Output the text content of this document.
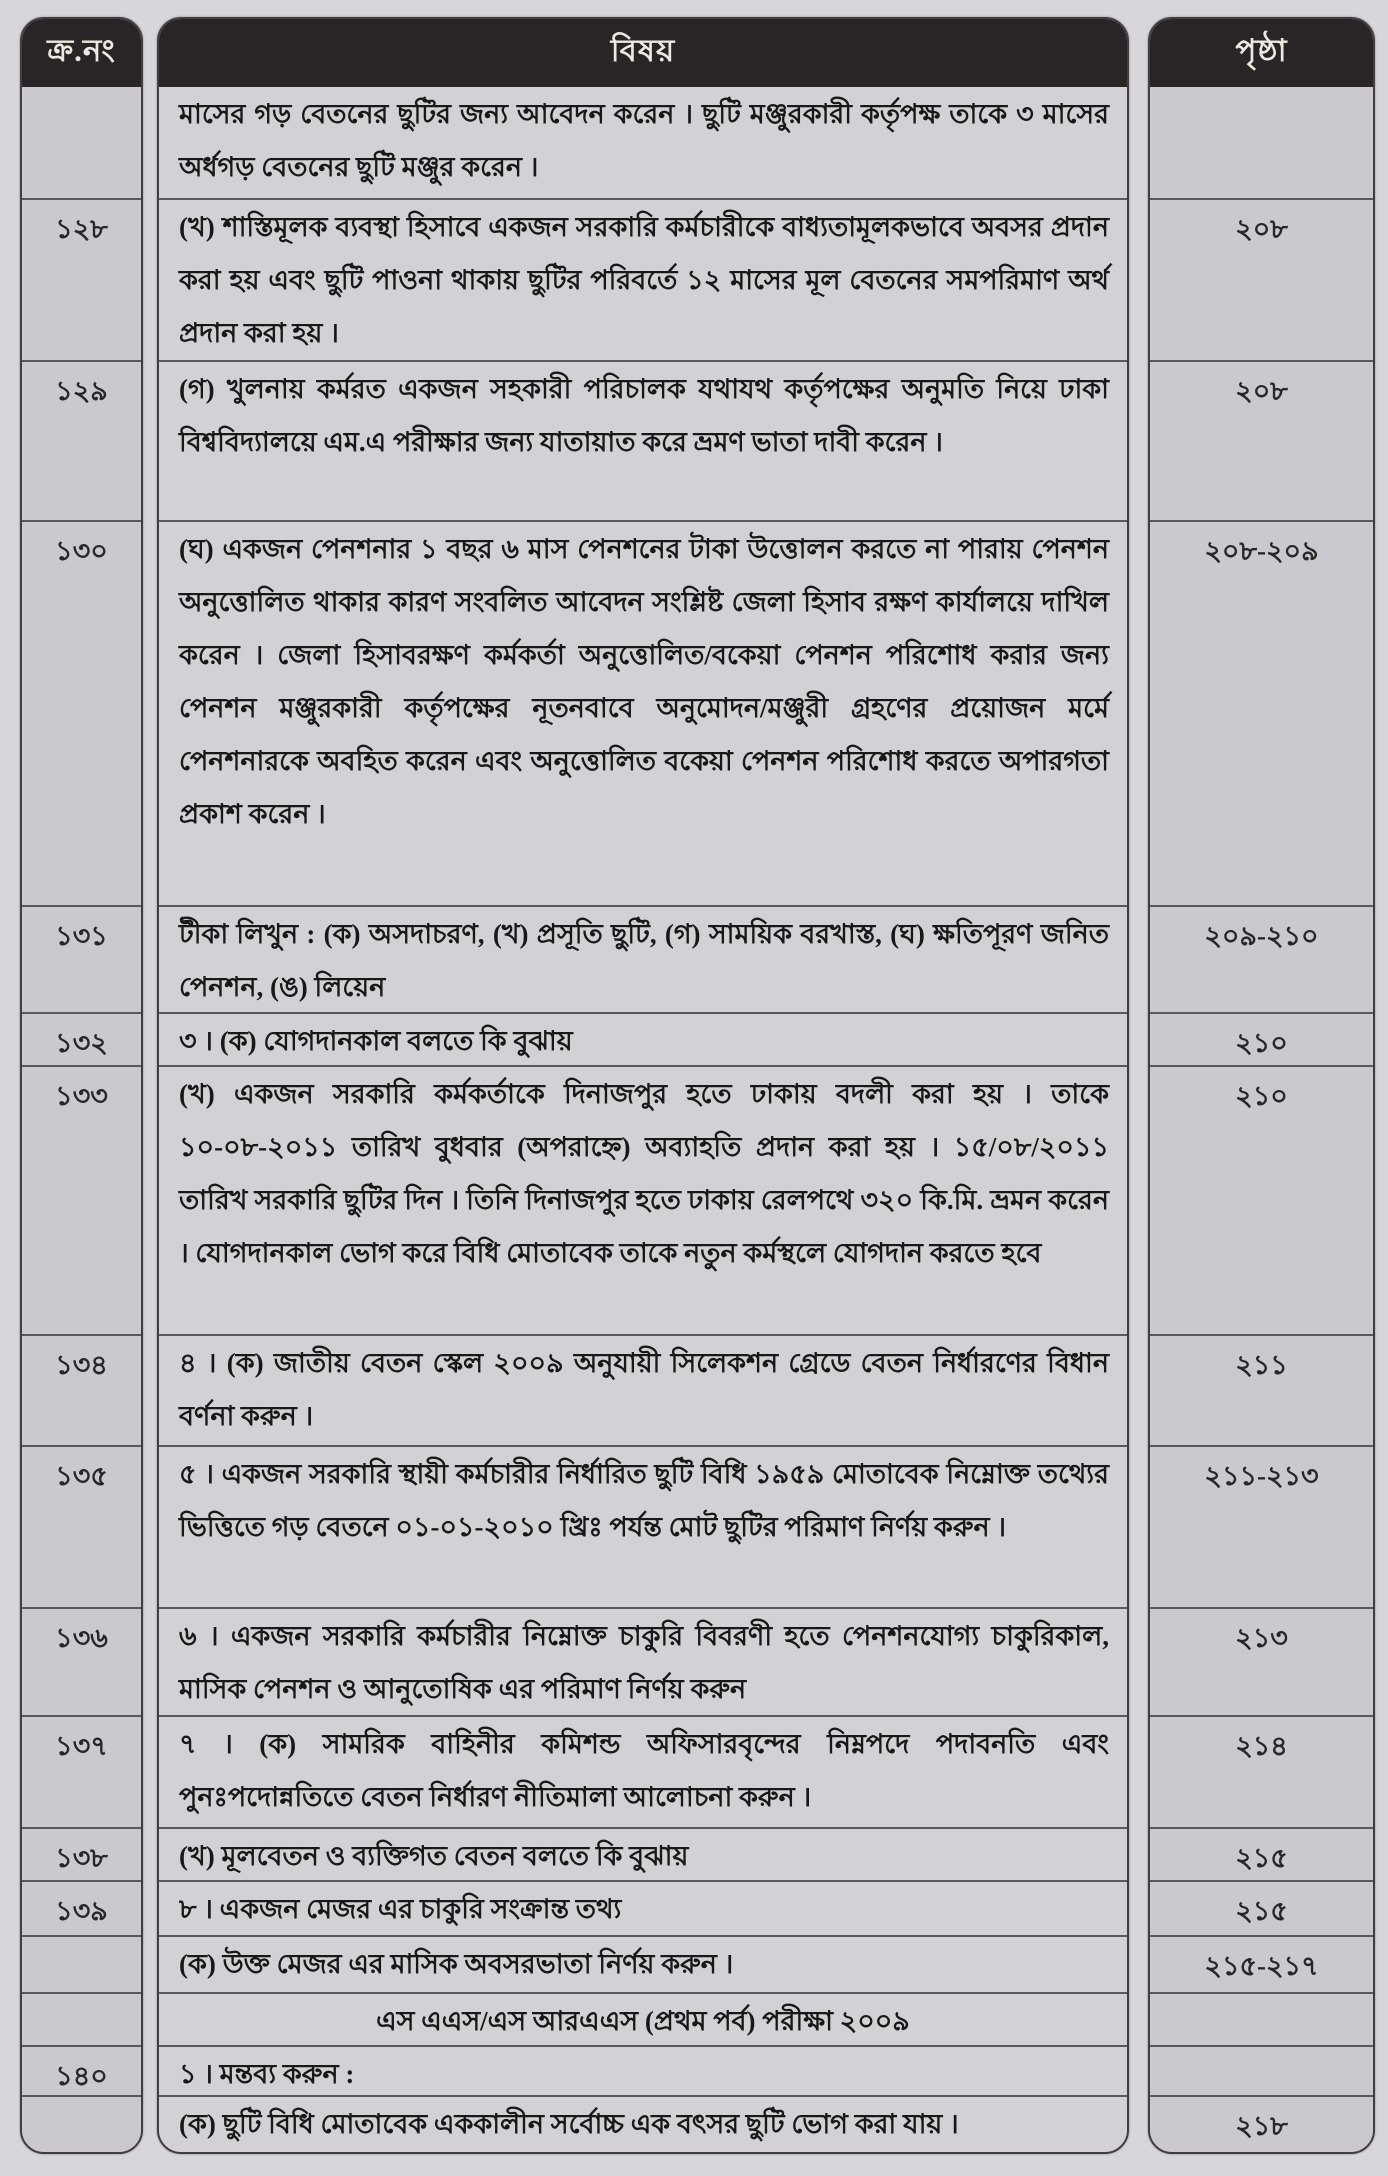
ক্র.নং
১২৮
১২৯
১৩০
১৩১
১৩২
১৩৩
১৩৪
১৩৫
১৩৬
১৩৭
১৩৮
১৩৯
১৪০
বিষয়
মাসের গড় বেতনের ছুটির জন্য আবেদন করেন । ছুটি মঞ্জুরকারী কর্তৃপক্ষ তাকে ৩ মাসের অর্ধগড় বেতনের ছুটি মঞ্জুর করেন ।
(খ) শাস্তিমূলক ব্যবস্থা হিসাবে একজন সরকারি কর্মচারীকে বাধ্যতামূলকভাবে অবসর প্রদান করা হয় এবং ছুটি পাওনা থাকায় ছুটির পরিবর্তে ১২ মাসের মূল বেতনের সমপরিমাণ অর্থ প্রদান করা হয় ।
(গ) খুলনায় কর্মরত একজন সহকারী পরিচালক যথাযথ কর্তৃপক্ষের অনুমতি নিয়ে ঢাকা বিশ্ববিদ্যালয়ে এম.এ পরীক্ষার জন্য যাতায়াত করে ভ্রমণ ভাতা দাবী করেন ।
(ঘ) একজন পেনশনার ১ বছর ৬ মাস পেনশনের টাকা উত্তোলন করতে না পারায় পেনশন অনুত্তোলিত থাকার কারণ সংবলিত আবেদন সংশ্লিষ্ট জেলা হিসাব রক্ষণ কার্যালয়ে দাখিল করেন । জেলা হিসাবরক্ষণ কর্মকর্তা অনুত্তোলিত/বকেয়া পেনশন পরিশোধ করার জন্য পেনশন মঞ্জুরকারী কর্তৃপক্ষের নূতনবাবে অনুমোদন/মঞ্জুরী গ্রহণের প্রয়োজন মর্মে পেনশনারকে অবহিত করেন এবং অনুত্তোলিত বকেয়া পেনশন পরিশোধ করতে অপারগতা প্রকাশ করেন ।
টীকা লিখুন : (ক) অসদাচরণ, (খ) প্রসূতি ছুটি, (গ) সাময়িক বরখাস্ত, (ঘ) ক্ষতিপূরণ জনিত পেনশন, (ঙ) লিয়েন
৩ । (ক) যোগদানকাল বলতে কি বুঝায়
(খ) একজন সরকারি কর্মকর্তাকে দিনাজপুর হতে ঢাকায় বদলী করা হয় । তাকে ১০-০৮-২০১১ তারিখ বুধবার (অপরাহ্নে) অব্যাহতি প্রদান করা হয় । ১৫/০৮/২০১১ তারিখ সরকারি ছুটির দিন । তিনি দিনাজপুর হতে ঢাকায় রেলপথে ৩২০ কি.মি. ভ্রমন করেন । যোগদানকাল ভোগ করে বিধি মোতাবেক তাকে নতুন কর্মস্থলে যোগদান করতে হবে
৪ । (ক) জাতীয় বেতন স্কেল ২০০৯ অনুযায়ী সিলেকশন গ্রেডে বেতন নির্ধারণের বিধান বর্ণনা করুন ।
৫ । একজন সরকারি স্থায়ী কর্মচারীর নির্ধারিত ছুটি বিধি ১৯৫৯ মোতাবেক নিম্নোক্ত তথ্যের ভিত্তিতে গড় বেতনে ০১-০১-২০১০ খ্রিঃ পর্যন্ত মোট ছুটির পরিমাণ নির্ণয় করুন ।
৬ । একজন সরকারি কর্মচারীর নিম্নোক্ত চাকুরি বিবরণী হতে পেনশনযোগ্য চাকুরিকাল, মাসিক পেনশন ও আনুতোষিক এর পরিমাণ নির্ণয় করুন
৭ । (ক) সামরিক বাহিনীর কমিশন্ড অফিসারবৃন্দের নিম্নপদে পদাবনতি এবং পুনঃপদোন্নতিতে বেতন নির্ধারণ নীতিমালা আলোচনা করুন ।
(খ) মূলবেতন ও ব্যক্তিগত বেতন বলতে কি বুঝায়
৮ । একজন মেজর এর চাকুরি সংক্রান্ত তথ্য
(ক) উক্ত মেজর এর মাসিক অবসরভাতা নির্ণয় করুন ।
এস এএস/এস আরএএস (প্রথম পর্ব) পরীক্ষা ২০০৯
১ । মন্তব্য করুন :
(ক) ছুটি বিধি মোতাবেক এককালীন সর্বোচ্চ এক বৎসর ছুটি ভোগ করা যায় ।
পৃষ্ঠা
২০৮
২০৮
২০৮-২০৯
২০৯-২১০
২১০
২১০
২১১
২১১-২১৩
২১৩
২১৪
২১৫
২১৫
২১৫-২১৭
২১৮
